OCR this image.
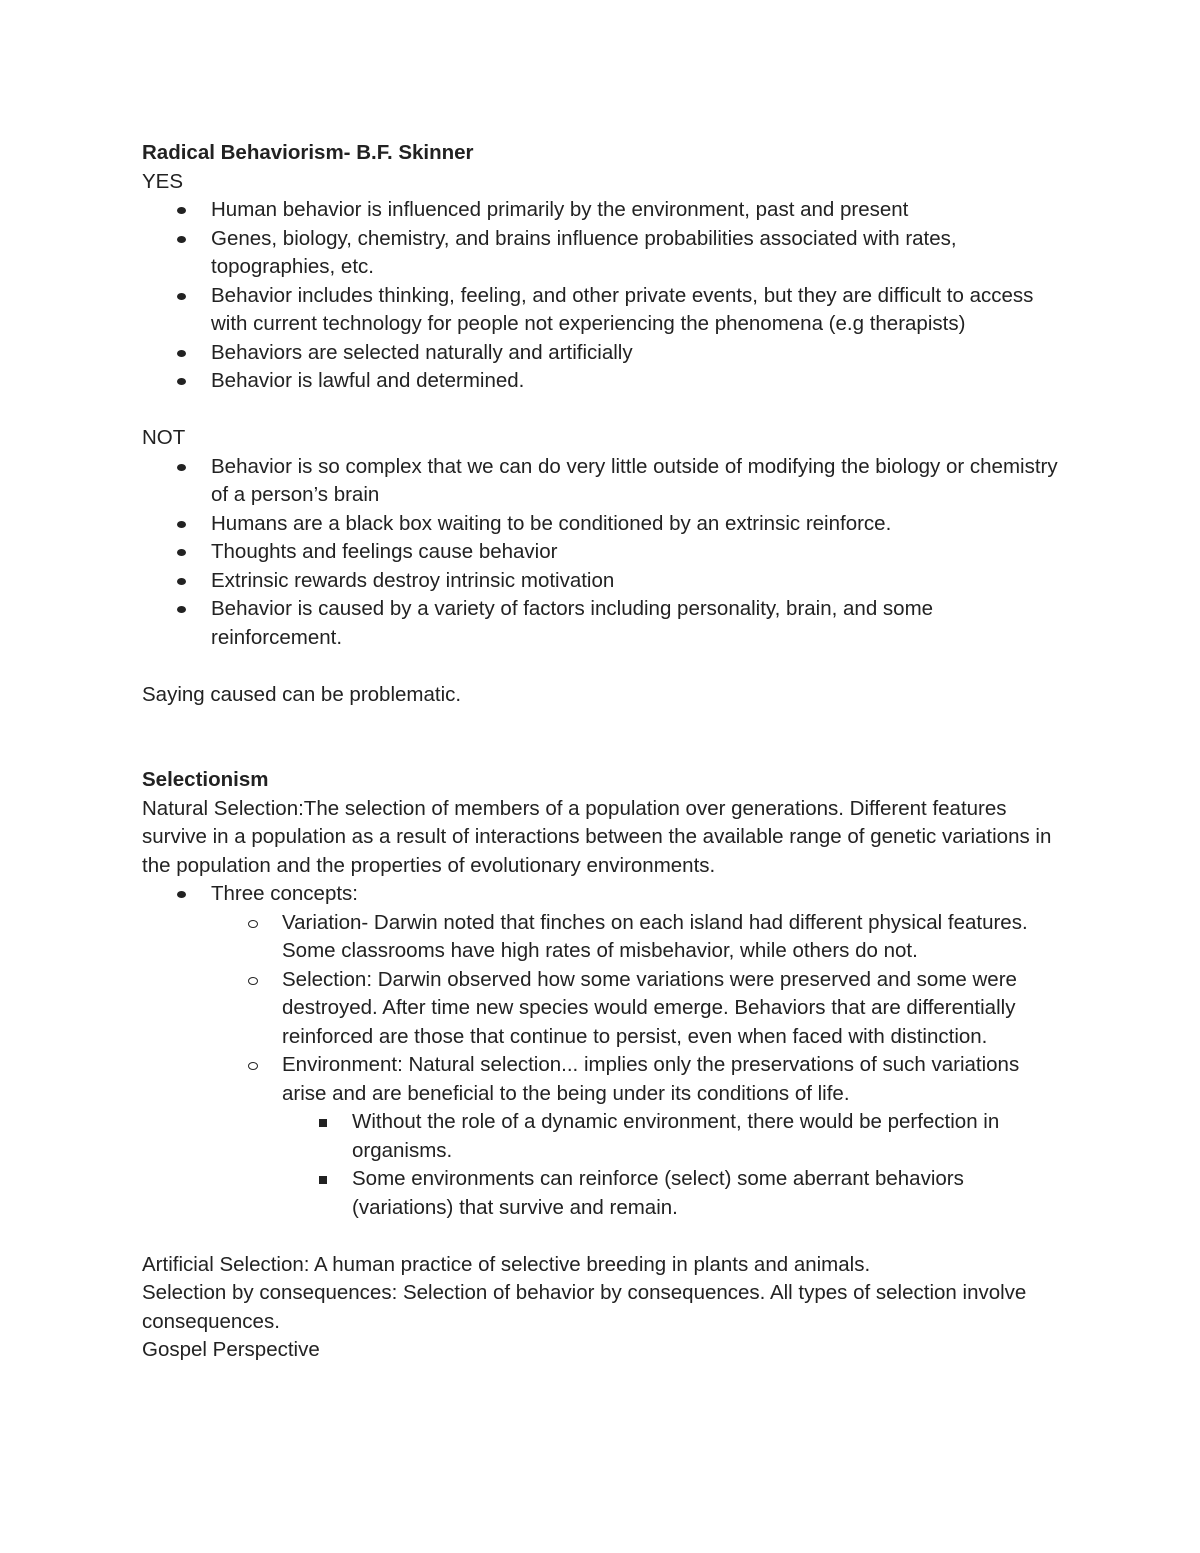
Radical Behaviorism- B.F. Skinner

YES

Human behavior is influenced primarily by the environment, past and present
Genes, biology, chemistry, and brains influence probabilities associated with rates, topographies, etc.
Behavior includes thinking, feeling, and other private events, but they are difficult to access with current technology for people not experiencing the phenomena (e.g therapists)
Behaviors are selected naturally and artificially
Behavior is lawful and determined.

NOT

Behavior is so complex that we can do very little outside of modifying the biology or chemistry of a person’s brain
Humans are a black box waiting to be conditioned by an extrinsic reinforce.
Thoughts and feelings cause behavior
Extrinsic rewards destroy intrinsic motivation
Behavior is caused by a variety of factors including personality, brain, and some reinforcement.

Saying caused can be problematic.

Selectionism

Natural Selection:The selection of members of a population over generations. Different features survive in a population as a result of interactions between the available range of genetic variations in the population and the properties of evolutionary environments.

Three concepts:
Variation- Darwin noted that finches on each island had different physical features. Some classrooms have high rates of misbehavior, while others do not.
Selection: Darwin observed how some variations were preserved and some were destroyed. After time new species would emerge. Behaviors that are differentially reinforced are those that continue to persist, even when faced with distinction.
Environment: Natural selection... implies only the preservations of such variations arise and are beneficial to the being under its conditions of life.
Without the role of a dynamic environment, there would be perfection in organisms.
Some environments can reinforce (select) some aberrant behaviors (variations) that survive and remain.

Artificial Selection: A human practice of selective breeding in plants and animals.

Selection by consequences: Selection of behavior by consequences. All types of selection involve consequences.

Gospel Perspective
